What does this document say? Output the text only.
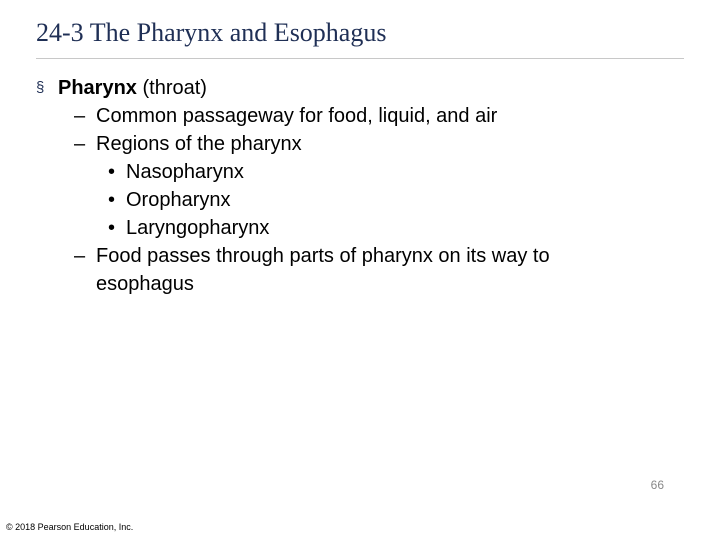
24-3 The Pharynx and Esophagus
§ Pharynx (throat)
– Common passageway for food, liquid, and air
– Regions of the pharynx
• Nasopharynx
• Oropharynx
• Laryngopharynx
– Food passes through parts of pharynx on its way to
esophagus
66
© 2018 Pearson Education, Inc.
